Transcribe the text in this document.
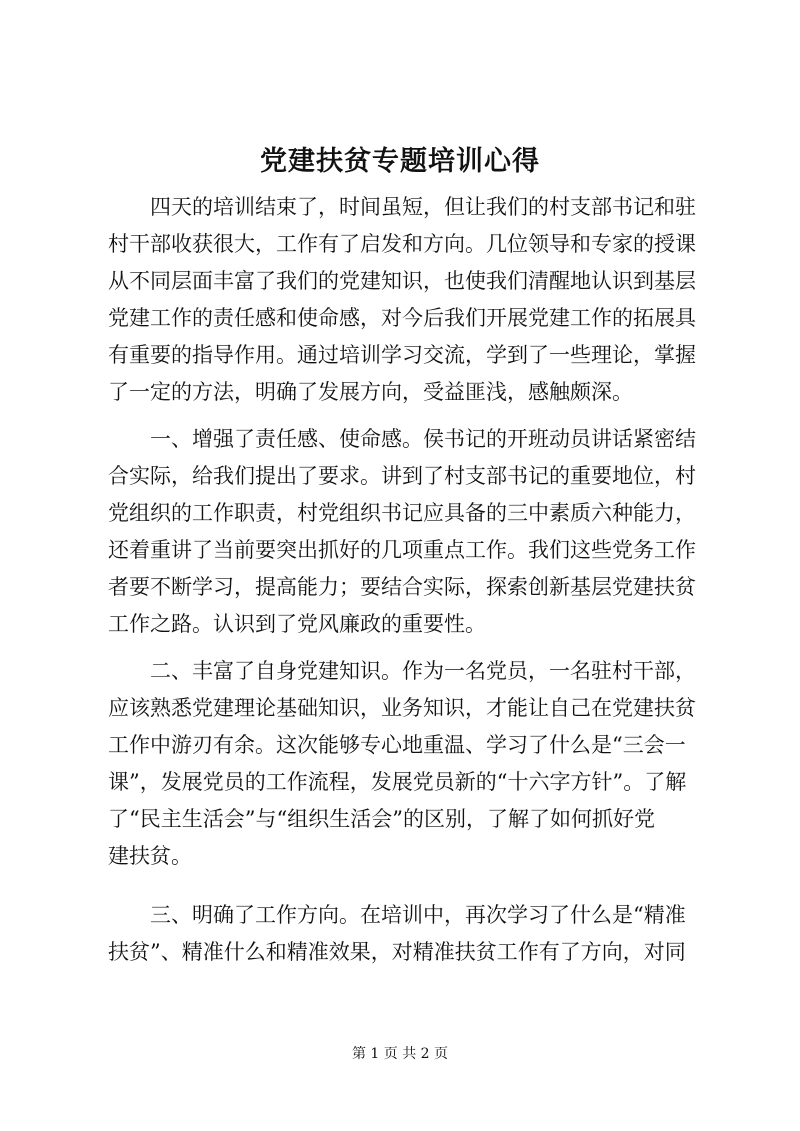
党建扶贫专题培训心得
四天的培训结束了，时间虽短，但让我们的村支部书记和驻
村干部收获很大，工作有了启发和方向。几位领导和专家的授课
从不同层面丰富了我们的党建知识，也使我们清醒地认识到基层
党建工作的责任感和使命感，对今后我们开展党建工作的拓展具
有重要的指导作用。通过培训学习交流，学到了一些理论，掌握
了一定的方法，明确了发展方向，受益匪浅，感触颇深。
一、增强了责任感、使命感。侯书记的开班动员讲话紧密结
合实际，给我们提出了要求。讲到了村支部书记的重要地位，村
党组织的工作职责，村党组织书记应具备的三中素质六种能力，
还着重讲了当前要突出抓好的几项重点工作。我们这些党务工作
者要不断学习，提高能力；要结合实际，探索创新基层党建扶贫
工作之路。认识到了党风廉政的重要性。
二、丰富了自身党建知识。作为一名党员，一名驻村干部，
应该熟悉党建理论基础知识，业务知识，才能让自己在党建扶贫
工作中游刃有余。这次能够专心地重温、学习了什么是“三会一
课”，发展党员的工作流程，发展党员新的“十六字方针”。了解
了“民主生活会”与“组织生活会”的区别，了解了如何抓好党
建扶贫。
三、明确了工作方向。在培训中，再次学习了什么是“精准
扶贫”、精准什么和精准效果，对精准扶贫工作有了方向，对同
第 1 页 共 2 页
